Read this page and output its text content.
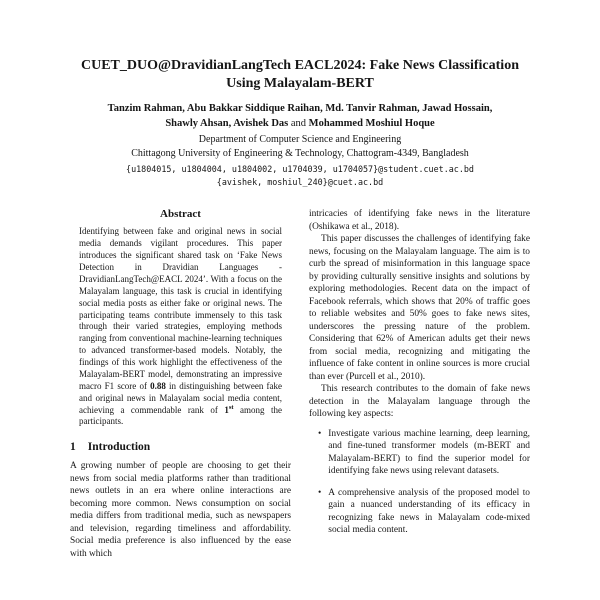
CUET_DUO@DravidianLangTech EACL2024: Fake News Classification
Using Malayalam-BERT
Tanzim Rahman, Abu Bakkar Siddique Raihan, Md. Tanvir Rahman, Jawad Hossain,
Shawly Ahsan, Avishek Das and Mohammed Moshiul Hoque
Department of Computer Science and Engineering
Chittagong University of Engineering & Technology, Chattogram-4349, Bangladesh
{u1804015, u1804004, u1804002, u1704039, u1704057}@student.cuet.ac.bd
{avishek, moshiul_240}@cuet.ac.bd
Abstract

Identifying between fake and original news in social media demands vigilant procedures. This paper introduces the significant shared task on ‘Fake News Detection in Dravidian Languages - DravidianLangTech@EACL 2024’. With a focus on the Malayalam language, this task is crucial in identifying social media posts as either fake or original news. The participating teams contribute immensely to this task through their varied strategies, employing methods ranging from conventional machine-learning techniques to advanced transformer-based models. Notably, the findings of this work highlight the effectiveness of the Malayalam-BERT model, demonstrating an impressive macro F1 score of 0.88 in distinguishing between fake and original news in Malayalam social media content, achieving a commendable rank of 1st among the participants.

1 Introduction

A growing number of people are choosing to get their news from social media platforms rather than traditional news outlets in an era where online interactions are becoming more common. News consumption on social media differs from traditional media, such as newspapers and television, regarding timeliness and affordability. Social media preference is also influenced by the ease with which

intricacies of identifying fake news in the literature (Oshikawa et al., 2018).

This paper discusses the challenges of identifying fake news, focusing on the Malayalam language. The aim is to curb the spread of misinformation in this language space by providing culturally sensitive insights and solutions by exploring methodologies. Recent data on the impact of Facebook referrals, which shows that 20% of traffic goes to reliable websites and 50% goes to fake news sites, underscores the pressing nature of the problem. Considering that 62% of American adults get their news from social media, recognizing and mitigating the influence of fake content in online sources is more crucial than ever (Purcell et al., 2010).

This research contributes to the domain of fake news detection in the Malayalam language through the following key aspects:

• Investigate various machine learning, deep learning, and fine-tuned transformer models (m-BERT and Malayalam-BERT) to find the superior model for identifying fake news using relevant datasets.
• A comprehensive analysis of the proposed model to gain a nuanced understanding of its efficacy in recognizing fake news in Malayalam code-mixed social media content.
